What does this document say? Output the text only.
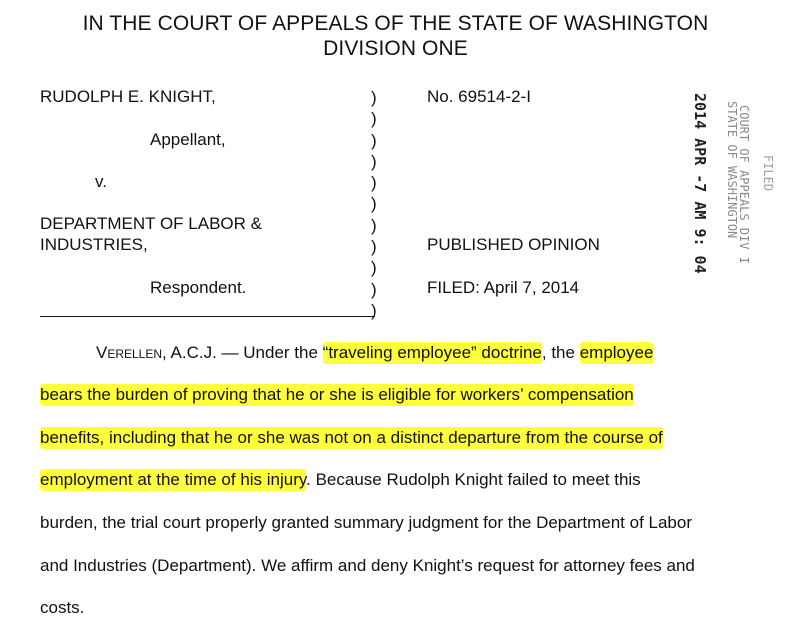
IN THE COURT OF APPEALS OF THE STATE OF WASHINGTON
DIVISION ONE
RUDOLPH E. KNIGHT,
Appellant,
v.
DEPARTMENT OF LABOR &
INDUSTRIES,
Respondent.
)
)
)
)
)
)
)
)
)
)
)
No. 69514-2-I
PUBLISHED OPINION
FILED: April 7, 2014
2014 APR -7 AM 9: 04 COURT OF APPEALS DIV I
STATE OF WASHINGTON FILED
Verellen, A.C.J. — Under the “traveling employee” doctrine, the employee
bears the burden of proving that he or she is eligible for workers’ compensation
benefits, including that he or she was not on a distinct departure from the course of
employment at the time of his injury. Because Rudolph Knight failed to meet this
burden, the trial court properly granted summary judgment for the Department of Labor
and Industries (Department). We affirm and deny Knight’s request for attorney fees and
costs.
